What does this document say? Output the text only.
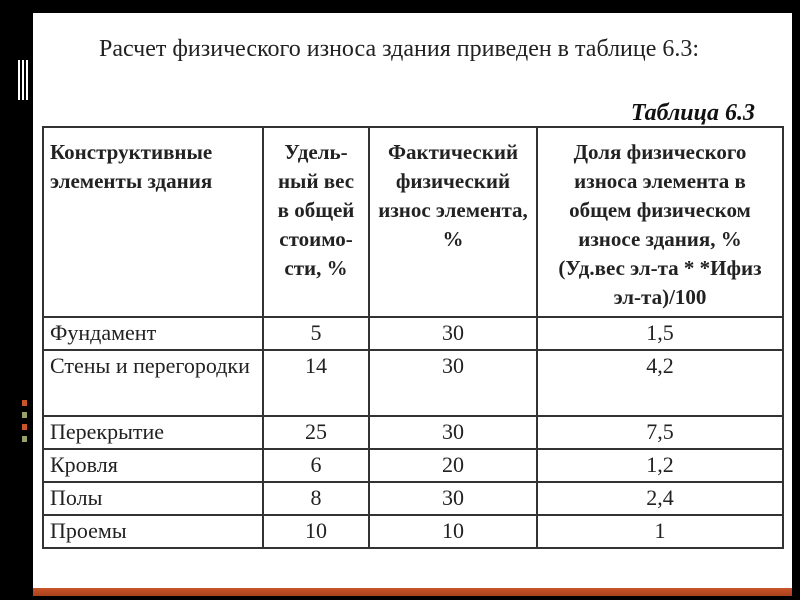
Расчет физического износа здания приведен в таблице 6.3:

Таблица 6.3

Конструктивные элементы здания	Удель-ный вес в общей стоимо-сти, %	Фактический физический износ элемента, %	Доля физического износа элемента в общем физическом износе здания, % (Уд.вес эл-та * *Ифиз эл-та)/100
Фундамент	5	30	1,5
Стены и перегородки	14	30	4,2
Перекрытие	25	30	7,5
Кровля	6	20	1,2
Полы	8	30	2,4
Проемы	10	10	1
